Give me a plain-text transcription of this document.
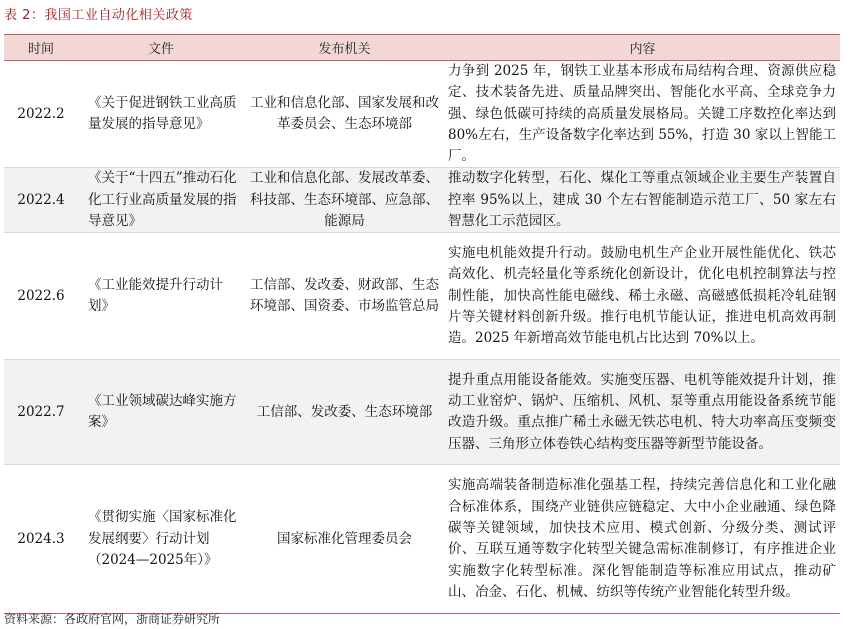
表 2：我国工业自动化相关政策
时间	文件	发布机关	内容
2022.2	《关于促进钢铁工业高质量发展的指导意见》	工业和信息化部、国家发展和改革委员会、生态环境部	力争到 2025 年，钢铁工业基本形成布局结构合理、资源供应稳定、技术装备先进、质量品牌突出、智能化水平高、全球竞争力强、绿色低碳可持续的高质量发展格局。关键工序数控化率达到 80%左右，生产设备数字化率达到 55%，打造 30 家以上智能工厂。
2022.4	《关于“十四五”推动石化化工行业高质量发展的指导意见》	工业和信息化部、发展改革委、科技部、生态环境部、应急部、能源局	推动数字化转型，石化、煤化工等重点领域企业主要生产装置自控率 95%以上，建成 30 个左右智能制造示范工厂、50 家左右智慧化工示范园区。
2022.6	《工业能效提升行动计划》	工信部、发改委、财政部、生态环境部、国资委、市场监管总局	实施电机能效提升行动。鼓励电机生产企业开展性能优化、铁芯高效化、机壳轻量化等系统化创新设计，优化电机控制算法与控制性能，加快高性能电磁线、稀土永磁、高磁感低损耗冷轧硅钢片等关键材料创新升级。推行电机节能认证，推进电机高效再制造。2025 年新增高效节能电机占比达到 70%以上。
2022.7	《工业领域碳达峰实施方案》	工信部、发改委、生态环境部	提升重点用能设备能效。实施变压器、电机等能效提升计划，推动工业窑炉、锅炉、压缩机、风机、泵等重点用能设备系统节能改造升级。重点推广稀土永磁无铁芯电机、特大功率高压变频变压器、三角形立体卷铁心结构变压器等新型节能设备。
2024.3	《贯彻实施〈国家标准化发展纲要〉行动计划（2024—2025年）》	国家标准化管理委员会	实施高端装备制造标准化强基工程，持续完善信息化和工业化融合标准体系，围绕产业链供应链稳定、大中小企业融通、绿色降碳等关键领域，加快技术应用、模式创新、分级分类、测试评价、互联互通等数字化转型关键急需标准制修订，有序推进企业实施数字化转型标准。深化智能制造等标准应用试点，推动矿山、冶金、石化、机械、纺织等传统产业智能化转型升级。
资料来源：各政府官网，浙商证券研究所
